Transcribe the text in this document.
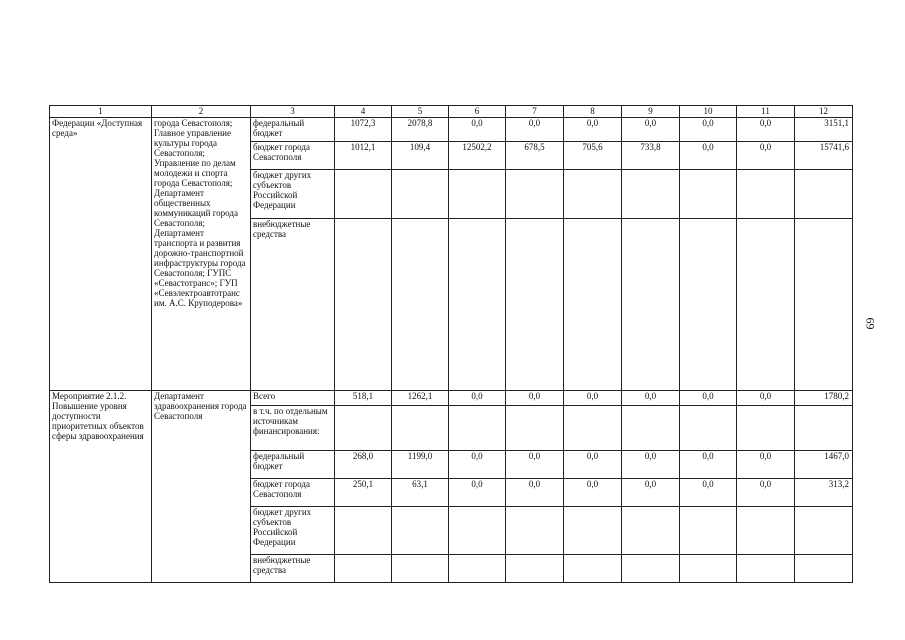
1	2	3	4	5	6	7	8	9	10	11	12
Федерации «Доступная среда»	города Севастополя; Главное управление культуры города Севастополя; Управление по делам молодежи и спорта города Севастополя; Департамент общественных коммуникаций города Севастополя; Департамент транспорта и развития дорожно-транспортной инфраструктуры города Севастополя; ГУПС «Севастотранс»; ГУП «Севэлектроавтотранс им. А.С. Круподерова»	федеральный бюджет	1072,3	2078,8	0,0	0,0	0,0	0,0	0,0	0,0	3151,1
		бюджет города Севастополя	1012,1	109,4	12502,2	678,5	705,6	733,8	0,0	0,0	15741,6
		бюджет других субъектов Российской Федерации									
		внебюджетные средства									
Мероприятие 2.1.2. Повышение уровня доступности приоритетных объектов сферы здравоохранения	Департамент здравоохранения города Севастополя	Всего	518,1	1262,1	0,0	0,0	0,0	0,0	0,0	0,0	1780,2
		в т.ч. по отдельным источникам финансирования:									
		федеральный бюджет	268,0	1199,0	0,0	0,0	0,0	0,0	0,0	0,0	1467,0
		бюджет города Севастополя	250,1	63,1	0,0	0,0	0,0	0,0	0,0	0,0	313,2
		бюджет других субъектов Российской Федерации									
		внебюджетные средства									
69
